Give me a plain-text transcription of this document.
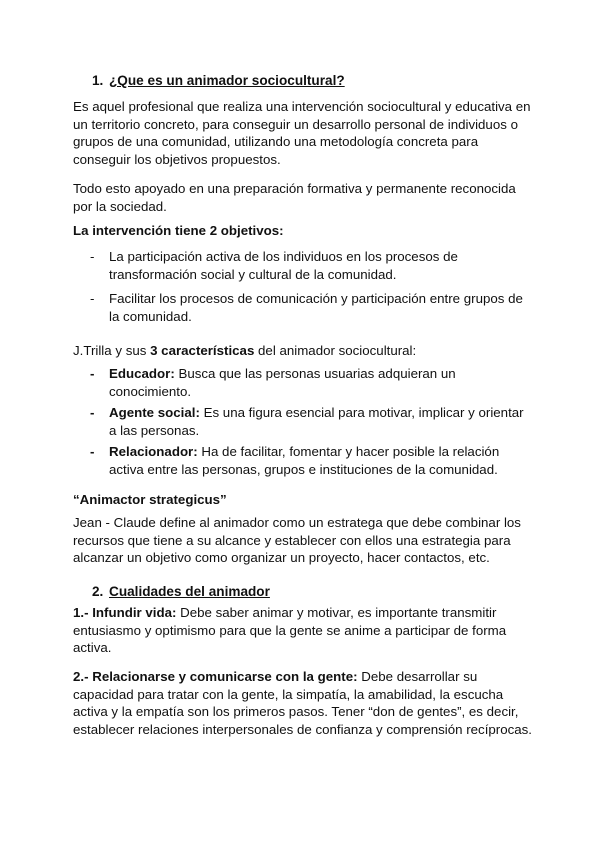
1. ¿Que es un animador sociocultural?
Es aquel profesional que realiza una intervención sociocultural y educativa en un territorio concreto, para conseguir un desarrollo personal de individuos o grupos de una comunidad, utilizando una metodología concreta para conseguir los objetivos propuestos.
Todo esto apoyado en una preparación formativa y permanente reconocida por la sociedad.
La intervención tiene 2 objetivos:
- La participación activa de los individuos en los procesos de transformación social y cultural de la comunidad.
- Facilitar los procesos de comunicación y participación entre grupos de la comunidad.
J.Trilla y sus 3 características del animador sociocultural:
- Educador: Busca que las personas usuarias adquieran un conocimiento.
- Agente social: Es una figura esencial para motivar, implicar y orientar a las personas.
- Relacionador: Ha de facilitar, fomentar y hacer posible la relación activa entre las personas, grupos e instituciones de la comunidad.
“Animactor strategicus”
Jean - Claude define al animador como un estratega que debe combinar los recursos que tiene a su alcance y establecer con ellos una estrategia para alcanzar un objetivo como organizar un proyecto, hacer contactos, etc.
2. Cualidades del animador
1.- Infundir vida: Debe saber animar y motivar, es importante transmitir entusiasmo y optimismo para que la gente se anime a participar de forma activa.
2.- Relacionarse y comunicarse con la gente: Debe desarrollar su capacidad para tratar con la gente, la simpatía, la amabilidad, la escucha activa y la empatía son los primeros pasos. Tener “don de gentes”, es decir, establecer relaciones interpersonales de confianza y comprensión recíprocas.
